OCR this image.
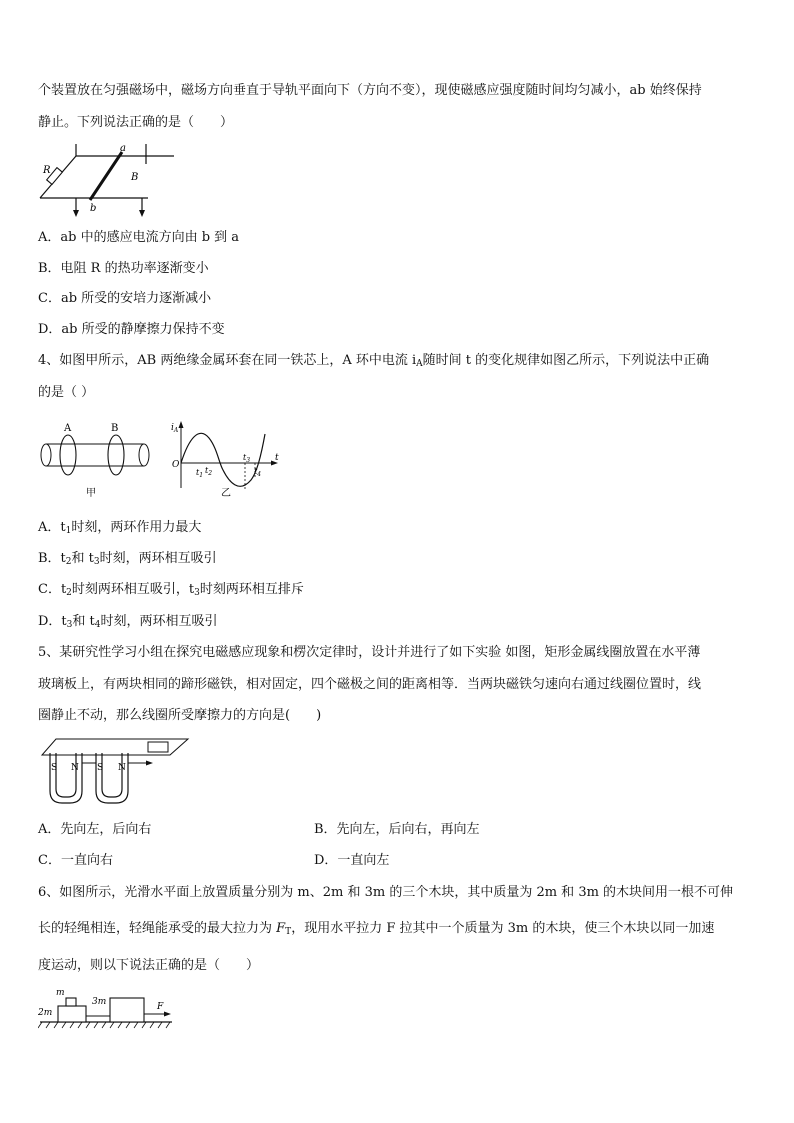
个装置放在匀强磁场中，磁场方向垂直于导轨平面向下（方向不变），现使磁感应强度随时间均匀减小，ab 始终保持
静止。下列说法正确的是（　　）
a
b
B
R
A．ab 中的感应电流方向由 b 到 a
B．电阻 R 的热功率逐渐变小
C．ab 所受的安培力逐渐减小
D．ab 所受的静摩擦力保持不变
4、如图甲所示，AB 两绝缘金属环套在同一铁芯上，A 环中电流 $i_A$随时间 t 的变化规律如图乙所示，下列说法中正确
的是（ ）
A	B
甲
$i_A$
O
t
$t_1$
$t_2$
$t_3$
$t_4$
乙
A．$t_1$时刻，两环作用力最大
B．$t_2$和 $t_3$时刻，两环相互吸引
C．$t_2$时刻两环相互吸引，$t_3$时刻两环相互排斥
D．$t_3$和 $t_4$时刻，两环相互吸引
5、某研究性学习小组在探究电磁感应现象和楞次定律时，设计并进行了如下实验 如图，矩形金属线圈放置在水平薄
玻璃板上，有两块相同的蹄形磁铁，相对固定，四个磁极之间的距离相等．当两块磁铁匀速向右通过线圈位置时，线
圈静止不动，那么线圈所受摩擦力的方向是(　　)
S N S N
A．先向左，后向右	B．先向左，后向右，再向左
C．一直向右	D．一直向左
6、如图所示，光滑水平面上放置质量分别为 m、2m 和 3m 的三个木块，其中质量为 2m 和 3m 的木块间用一根不可伸
长的轻绳相连，轻绳能承受的最大拉力为 $F_T$，现用水平拉力 F 拉其中一个质量为 3m 的木块，使三个木块以同一加速
度运动，则以下说法正确的是（　　）
m
2m
3m	F
